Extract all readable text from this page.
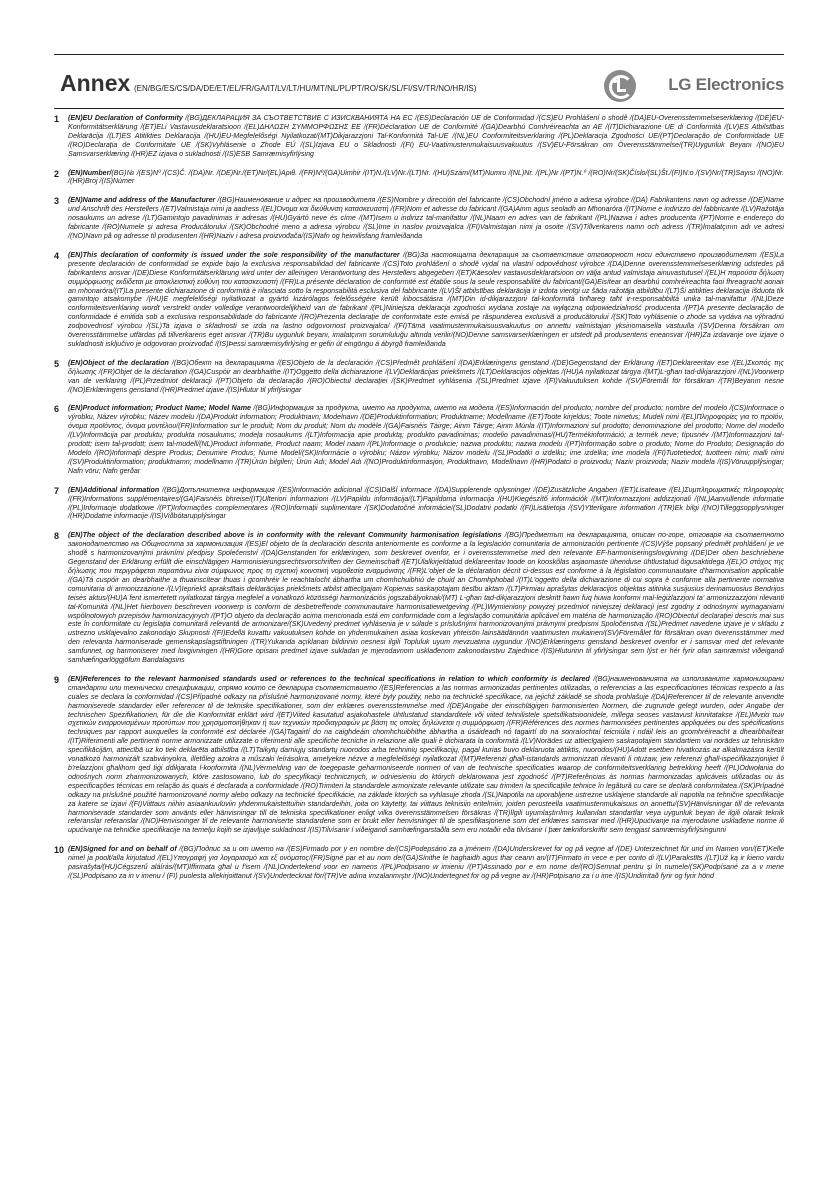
Annex (EN/BG/ES/CS/DA/DE/ET/EL/FR/GA/IT/LV/LT/HU/MT/NL/PL/PT/RO/SK/SL/FI/SV/TR/NO/HR/IS)	LG Electronics
1 (EN)EU Declaration of Conformity /(BG)ДЕКЛАРАЦИЯ ЗА СЪОТВЕТСТВИЕ С ИЗИСКВАНИЯТА НА ЕС /(ES)Declaración UE de Conformidad /(CS)EU Prohlášení o shodě /(DA)EU-Overensstemmelseserklæring /(DE)EU-Konformitätserklärung /(ET)ELi Vastavusdeklaratsioon /(EL)ΔΗΛΩΣΗ ΣΥΜΜΟΡΦΩΣΗΣ ΕΕ /(FR)Déclaration UE de Conformité /(GA)Dearbhú Comhréireachta an AE /(IT)Dichiarazione UE di Conformità /(LV)ES Atbilstības Deklarācija /(LT)ES Atitikties Deklaracija /(HU)EU-Megfelelőségi Nyilatkozat/(MT)Dikjarazzjoni Tal-Konformità Tal-UE /(NL)EU Conformiteitsverklaring /(PL)Deklaracja Zgodności UE/(PT)Declaração de Conformidade UE /(RO)Declarația de Conformitate UE /(SK)Vyhlásenie o Zhode EÚ /(SL)Izjava EU o Skladnosti /(FI) EU-Vaatimustenmukaisuusvakuutus /(SV)EU-Försäkran om Överensstämmelse/(TR)Uygunluk Beyanı /(NO)EU Samsvarserklæring /(HR)EZ izjava o sukladnosti /(IS)ESB Samræmisyfirlýsing

2 (EN)Number/(BG)№ /(ES)Nº /(CS)Č. /(DA)Nr. /(DE)Nr./(ET)Nr/(EL)Αριθ. /(FR)Nº/(GA)Uimhir /(IT)N./(LV)Nr./(LT)Nr. /(HU)Szám/(MT)Numru /(NL)Nr. /(PL)Nr /(PT)N.º /(RO)Nr/(SK)Číslo/(SL)Št./(FI)N:o /(SV)Nr/(TR)Sayısı /(NO)Nr. /(HR)Broj /(IS)Númer

3 (EN)Name and address of the Manufacturer /(BG)Наименование и адрес на производителя /(ES)Nombre y dirección del fabricante /(CS)Obchodní jméno a adresa výrobce /(DA) Fabrikantens navn og adresse /(DE)Name und Anschrift des Herstellers /(ET)Valmistaja nimi ja aadress /(EL)Όνομα και διεύθυνση κατασκευαστή /(FR)Nom et adresse du fabricant /(GA)Ainm agus seoladh an Mhonaróra /(IT)Nome e indirizzo del fabbricante /(LV)Ražotāja nosaukums un adrese /(LT)Gamintojo pavadinimas ir adresas /(HU)Gyártó neve és címe /(MT)Isem u indirizz tal-manifattur /(NL)Naam en adres van de fabrikant /(PL)Nazwa i adres producenta /(PT)Nome e endereço do fabricante /(RO)Numele și adresa Producătorului /(SK)Obchodné meno a adresa výrobcu /(SL)Ime in naslov proizvajalca /(FI)Valmistajan nimi ja osoite /(SV)Tillverkarens namn och adress /(TR)İmalatçının adı ve adresi /(NO)Navn på og adresse til produsenten /(HR)Naziv i adresa proizvođača/(IS)Nafn og heimilisfang framleiðanda

4 (EN)This declaration of conformity is issued under the sole responsibility of the manufacturer /(BG)За настоящата декларация за съответствие отговорност носи единствено производителят /(ES)La presente declaración de conformidad se expide bajo la exclusiva responsabilidad del fabricante /(CS)Toto prohlášení o shodě vydal na vlastní odpovědnost výrobce /(DA)Denne overensstemmelseserklæring udstedes på fabrikantens ansvar /(DE)Diese Konformitätserklärung wird unter der alleinigen Verantwortung des Herstellers abgegeben /(ET)Käesolev vastavusdeklaratsioon on välja antud valmistaja ainuvastutusel /(EL)Η παρούσα δήλωση συμμόρφωσης εκδίδεται με αποκλειστική ευθύνη του κατασκευαστή /(FR)La présente déclaration de conformité est établie sous la seule responsabilité du fabricant/(GA)Eisítear an dearbhú comhréireachta faoi fhreagracht aonair an mhonaróra/(IT)La presente dichiarazione di conformità è rilasciata sotto la responsabilità esclusiva del fabbricante /(LV)Šī atbilstības deklarācija ir izdota vienīgi uz šāda ražotāja atbildību /(LT)Ši atitikties deklaracija išduota tik gamintojo atsakomybe /(HU)E megfelelőségi nyilatkozat a gyártó kizárólagos felelősségére került kibocsátásra /(MT)Din id-dikjarazzjoni tal-konformità tinħareg taħt ir-responsabbiltà unika tal-manifattur /(NL)Deze conformiteitsverklaring wordt verstrekt onder volledige verantwoordelijkheid van de fabrikant /(PL)Niniejsza deklaracja zgodności wydana zostaje na wyłączną odpowiedzialność producenta /(PT)A presente declaração de conformidade é emitida sob a exclusiva responsabilidade do fabricante /(RO)Prezenta declarație de conformitate este emisă pe răspunderea exclusivă a producătorului /(SK)Toto vyhlásenie o zhode sa vydáva na výhradnú zodpovednosť výrobcu /(SL)Ta izjava o skladnosti se izda na lastno odgovornost proizvajalca/ /(FI)Tämä vaatimustenmukaisuusvakuutus on annettu valmistajan yksinomaisella vastuulla /(SV)Denna försäkran om överensstämmelse utfärdas på tillverkarens eget ansvar /(TR)Bu uygunluk beyanı, imalatçının sorumluluğu altında verilir/(NO)Denne samsvarserklæringen er utstedt på produsentens eneansvar /(HR)Za izdavanje ove izjave o sukladnosti isključivo je odgovoran proizvođač /(IS)Þessi samræmisyfirlýsing er gefin út eingöngu á ábyrgð framleiðanda

5 (EN)Object of the declaration /(BG)Обект на декларацията /(ES)Objeto de la declaración /(CS)Předmět prohlášení /(DA)Erklæringens genstand /(DE)Gegenstand der Erklärung /(ET)Deklareeritav ese /(EL)Σκοπός της δήλωσης /(FR)Objet de la déclaration /(GA)Cuspóir an dearbhaithe /(IT)Oggetto della dichiarazione /(LV)Deklarācijas priekšmets /(LT)Deklaracijos objektas /(HU)A nyilatkozat tárgya /(MT)L-għan tad-dikjarazzjoni /(NL)Voorwerp van de verklaring /(PL)Przedmiot deklaracji /(PT)Objeto da declaração /(RO)Obiectul declarației /(SK)Predmet vyhlásenia /(SL)Predmet izjave /(FI)Vakuutuksen kohde /(SV)Föremål för försäkran /(TR)Beyanın nesne /(NO)Erklæringens genstand /(HR)Predmet izjave /(IS)Hlutur til yfirlýsingar

6 (EN)Product information; Product Name; Model Name /(BG)Информация за продукта, името на продукта, името на модела /(ES)Información del producto; nombre del producto; nombre del modelo /(CS)Informace o výrobku, Název výrobku; Název modelu /(DA)Produkt information; Produktnavn; Modelnavn /(DE)Produktinformation; Produktname; Modellname /(ET)Toote kirjeldus; Toote nimetus; Mudeli nimi /(EL)Πληροφορίες για το προϊόν, όνομα προϊόντος, όνομα μοντέλου/(FR)Information sur le produit; Nom du produit; Nom du modèle /(GA)Faisnéis Táirge; Ainm Táirge; Ainm Múnla /(IT)Informazioni sul prodotto; denominazione del prodotto; Nome del modello /(LV)Informācija par produktu; produkta nosaukums; modeļa nosaukums /(LT)Informacija apie produktą; produkto pavadinimas; modelio pavadinimas/(HU)Termékinformáció; a termék neve; típusnév /(MT)Informazzjoni tal-prodott; isem tal-prodott; isem tal-mudell/(NL)Product informatie, Product naam; Model naam /(PL)Informacje o produkcie; nazwa produktu; nazwa modelu /(PT)Informação sobre o produto; Nome do Produto; Designação do Modelo /(RO)Informații despre Produs; Denumire Produs; Nume Model/(SK)Informácie o výrobku; Názov výrobku; Názov modelu /(SL)Podatki o izdelku; ime izdelka; ime modela /(FI)Tuotetiedot; tuotteen nimi; malli nimi /(SV)Produktinformation; produktnamn; modellnamn /(TR)Ürün bilgileri; Ürün Adı; Model Adı /(NO)Produktinformasjon, Produktnavn, Modellnavn /(HR)Podatci o proizvodu; Naziv proizvoda; Naziv modela /(IS)Vöruupplýsingar; Nafn vöru; Nafn gerðar

7 (EN)Additional information /(BG)Допълнителна информация /(ES)Información adicional /(CS)Další informace /(DA)Supplerende oplysninger /(DE)Zusätzliche Angaben /(ET)Lisateave /(EL)Συμπληρωματικές πληροφορίες /(FR)Informations supplémentaires/(GA)Faisnéis bhreise/(IT)Ulteriori informazioni /(LV)Papildu informācija/(LT)Papildoma informacija /(HU)Kiegészítő információk /(MT)Informazzjoni addizzjonali /(NL)Aanvullende informatie /(PL)Informacje dodatkowe /(PT)Informações complementares /(RO)Informații suplimentare /(SK)Dodatočné informácie/(SL)Dodatni podatki /(FI)Lisätietoja /(SV)Ytterligare information /(TR)Ek bilgi /(NO)Tilleggsopplysninger /(HR)Dodatne informacije /(IS)Viðbótarupplýsingar

8 (EN)The object of the declaration described above is in conformity with the relevant Community harmonisation legislations /(BG)Предметът на декларацията, описан по-горе, отговаря на съответното законодателство на Общността за хармонизация /(ES)El objeto de la declaración descrita anteriormente es conforme a la legislación comunitaria de armonización pertinente /(CS)Výše popsaný předmět prohlášení je ve shodě s harmonizovanými právními předpisy Společenství /(DA)Genstanden for erklæringen, som beskrevet ovenfor, er i overensstemmelse med den relevante EF-harmoniseringslovgivning /(DE)Der oben beschriebene Gegenstand der Erklärung erfüllt die einschlägigen Harmonisierungsrechtsvorschriften der Gemeinschaft /(ET)Ülalkirjeldatud deklareeritav toode on kooskõlas asjaomaste ühenduse ühtlustatud õigusaktidega /(EL)Ο στόχος της δήλωσης που περιγράφεται παραπάνω είναι σύμφωνος προς τη σχετική κοινοτική νομοθεσία εναρμόνισης /(FR)L'objet de la déclaration décrit ci-dessus est conforme à la législation communautaire d'harmonisation applicable /(GA)Tá cuspóir an dearbhaithe a thuairiscítear thuas i gcomhréir le reachtaíocht ábhartha um chomhchuibhiú de chuid an Chomhphobail /(IT)L'oggetto della dichiarazione di cui sopra è conforme alla pertinente normativa comunitaria di armonizzazione /(LV)Iepriekš aprakstītais deklarācijas priekšmets atbilst attiecīgajam Kopienas saskaņotajam tiesību aktam /(LT)Pirmiau aprašytas deklaracijos objektas atitinka susijusius derinamuosius Bendrijos teisės aktus/(HU)A fent ismertetett nyilatkozat tárgya megfelel a vonatkozó közösségi harmonizációs jogszabályoknak/(MT) L-għan tad-dikjarazzjoni deskritt hawn fuq huwa konformi mal-leġiżlazzjoni ta' armonizzazzjoni rilevanti tal-Komunità /(NL)Het hierboven beschreven voorwerp is conform de desbetreffende communautaire harmonisatiewetgeving /(PL)Wymieniony powyżej przedmiot niniejszej deklaracji jest zgodny z odnośnymi wymaganiami wspólnotowych przepisów harmonizacyjnych /(PT)O objeto da declaração acima mencionada está em conformidade com a legislação comunitária aplicável em matéria de harmonização /(RO)Obiectul declarației descris mai sus este în conformitate cu legislația comunitară relevantă de armonizare/(SK)Uvedený predmet vyhlásenia je v súlade s príslušnými harmonizovanými právnymi predpismi Spoločenstva /(SL)Predmet navedene izjave je v skladu z ustrezno usklajevalno zakonodajo Skupnosti /(FI)Edellä kuvattu vakuutuksen kohde on yhdenmukainen asiaa koskevan yhteisön lainsäädännön vaatimusten mukainen/(SV)Föremålet för försäkran ovan överensstämmer med den relevanta harmoniserade gemenskapslagstiftningen /(TR)Yukarıda açıklanan bildirinin nesnesi ilgili Topluluk uyum mevzuatına uygundur /(NO)Erklæringens genstand beskrevet ovenfor er i samsvar med det relevante samfunnet, og harmoniserer med lovgivningen /(HR)Gore opisani predmet izjave sukladan je mjerodavnom usklađenom zakonodavstvu Zajednice /(IS)Hluturinn til yfirlýsingar sem lýst er hér fyrir ofan samræmist viðeigandi samhæfingarlöggjöfum Bandalagsins

9 (EN)References to the relevant harmonised standards used or references to the technical specifications in relation to which conformity is declared /(BG)наименованията на използваните хармонизирани стандарти или технически спецификации, спрямо които се декларира съответствието /(ES)Referencias a las normas armonizadas pertinentes utilizadas, o referencias a las especificaciones técnicas respecto a las cuales se declara la conformidad /(CS)Případné odkazy na příslušné harmonizované normy, které byly použity, nebo na technické specifikace, na jejichž základě se shoda prohlašuje /(DA)Referencer til de relevante anvendte harmoniserede standarder eller referencer til de tekniske specifikationer, som der erklæres overensstemmelse med /(DE)Angabe der einschlägigen harmonisierten Normen, die zugrunde gelegt wurden, oder Angabe der technischen Spezifikationen, für die die Konformität erklärt wird /(ET)Viited kasutatud asjakohastele ühtlustatud standarditele või viited tehnilistele spetsifikatsioonidele, millega seoses vastavust kinnitatakse /(EL)Μνεία των σχετικών εναρμονισμένων προτύπων που χρησιμοποιήθηκαν ή των τεχνικών προδιαγραφών με βάση τις οποίες δηλώνεται η συμμόρφωση /(FR)Références des normes harmonisées pertinentes appliquées ou des spécifications techniques par rapport auxquelles la conformité est déclarée /(GA)Tagairtí do na caighdeáin chomhchuibhithe ábhartha a úsáideadh nó tagairtí do na sonraíochtaí teicniúla i ndáil leis an gcomhréireacht a dhearbhaítear /(IT)Riferimenti alle pertinenti norme armonizzate utilizzate o riferimenti alle specifiche tecniche in relazione alle quali è dichiarata la conformità /(LV)Norādes uz attiecīgajiem saskaņotajiem standartiem vai norādes uz tehniskām specifikācijām, attiecībā uz ko tiek deklarēta atbilstība /(LT)Taikytų darniųjų standartų nuorodos arba techninių specifikacijų, pagal kurias buvo deklaruota atitiktis, nuorodos/(HU)Adott esetben hivatkozás az alkalmazásra került vonatkozó harmonizált szabványokra, illetőleg azokra a műszaki leírásokra, amelyekre nézve a megfelelőségi nyilatkozat /(MT)Referenzi għall-istandards armonizzati rilevanti li ntużaw, jew referenzi għall-ispeċifikazzjonijiet li b'relazzjoni għalihom qed tiġi ddikjarata l-konformità /(NL)Vermelding van de toegepaste geharmoniseerde normen of van de technische specificaties waarop de conformiteitsverklaring betrekking heeft /(PL)Odwołania do odnośnych norm zharmonizowanych, które zastosowano, lub do specyfikacji technicznych, w odniesieniu do których deklarowana jest zgodność /(PT)Referências às normas harmonizadas aplicáveis utilizadas ou às especificações técnicas em relação às quais é declarada a conformidade /(RO)Trimiteri la standardele armonizate relevante utilizate sau trimiteri la specificațiile tehnice în legătură cu care se declară conformitatea /(SK)Prípadné odkazy na príslušné použité harmonizované normy alebo odkazy na technické špecifikácie, na základe ktorých sa vyhlasuje zhoda /(SL)Napotila na uporabljene ustrezne usklajene standarde ali napotila na tehnične specifikacije za katere se izjavi /(FI)Viittaus niihin asiaankuuluviin yhdenmukaistettuihin standardeihin, joita on käytetty, tai viittaus teknisiin eritelmiin, joiden perusteella vaatimustenmukaisuus on annettu/(SV)Hänvisningar till de relevanta harmoniserade standarder som använts eller hänvisningar till de tekniska specifikationer enligt vilka överensstämmelsen försäkras /(TR)İlgili uyumlaştırılmış kullanılan standartlar veya uygunluk beyan ile ilgili olarak teknik referanslar referanslar /(NO)Henvisninger til de relevante harmoniserte standardene som er brukt eller henvisninger til de spesifikasjonene som det erklæres samsvar med /(HR)Upućivanje na mjerodavne usklađene norme ili upućivanje na tehničke specifikacije na temelju kojih se izjavljuje sukladnost /(IS)Tilvísanir í viðeigandi samhæfingarstaðla sem eru notaðir eða tilvísanir í þær tækniforskriftir sem tengjast samræmisyfirlýsingunni

10 (EN)Signed for and on behalf of /(BG)Подпис за и от името на /(ES)Firmado por y en nombre de/(CS)Podepsáno za a jménem /(DA)Underskrevet for og på vegne af /(DE) Unterzeichnet für und im Namen von/(ET)Kelle nimel ja poolt/alla kirjutatud /(EL)Υπογραφή για λογαριασμό και εξ ονόματος/(FR)Signé par et au nom de/(GA)Sínithe le haghaidh agus thar ceann an/(IT)Firmato in vece e per conto di /(LV)Parakstīts /(LT)Už ką ir kieno vardu pasirašyta/(HU)Cégszerű aláírás/(MT)Iffirmata għal u f'isem /(NL)Ondertekend voor en namens /(PL)Podpisano w imieniu /(PT)Assinado por e em nome de/(RO)Semnat pentru și în numele/(SK)Podpísané za a v mene /(SL)Podpisano za in v imenu / (FI) puolesta allekirjoittanut /(SV)Undertecknat för/(TR)Ve adına imzalanmıştır /(NO)Undertegnet for og på vegne av /(HR)Potpisano za i u ime /(IS)Undirritað fyrir og fyrir hönd
